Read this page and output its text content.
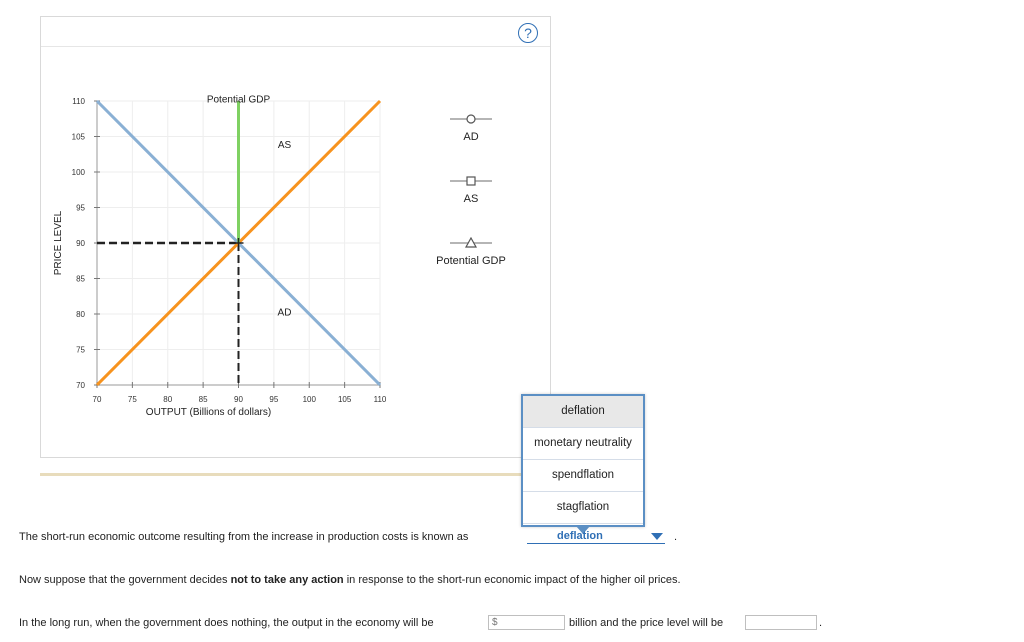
?
70	75	80	85	90	95	100	105	110
70
75
80
85
90
95
100
105
110
OUTPUT (Billions of dollars)
PRICE LEVEL
Potential GDP
AS
AD
AD
AS
Potential GDP
deflation
monetary neutrality
spendflation
stagflation
The short-run economic outcome resulting from the increase in production costs is known as	deflation	.
Now suppose that the government decides not to take any action in response to the short-run economic impact of the higher oil prices.
In the long run, when the government does nothing, the output in the economy will be
$	billion and the price level will be	.
